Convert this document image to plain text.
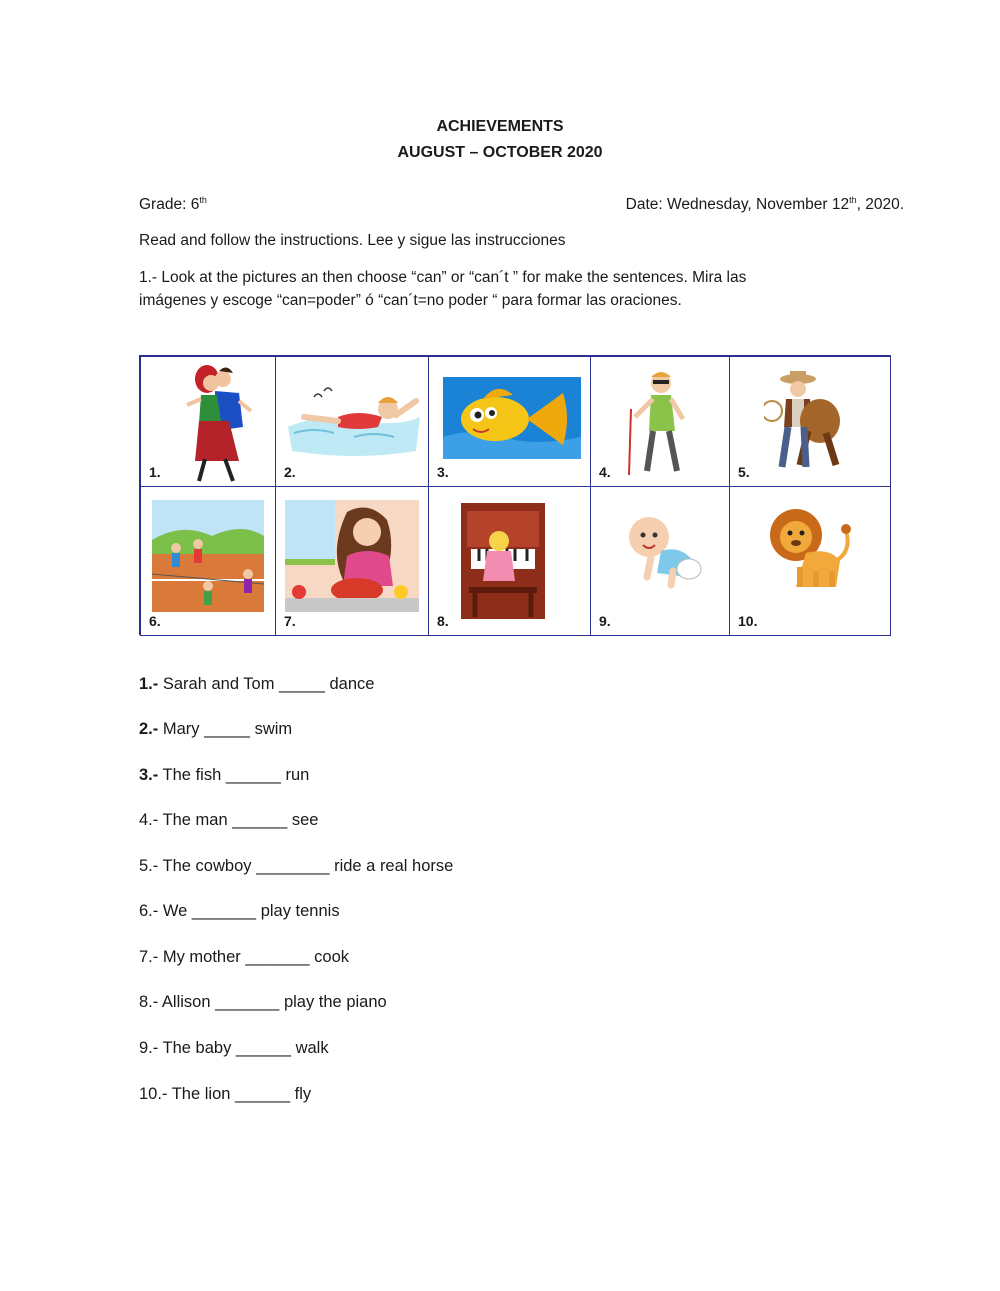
ACHIEVEMENTS
AUGUST – OCTOBER 2020
Grade: 6th	Date: Wednesday, November 12th, 2020.
Read and follow the instructions. Lee y sigue las instrucciones
1.- Look at the pictures an then choose “can” or “can´t ” for make the sentences. Mira las
imágenes y escoge “can=poder” ó “can´t=no poder “ para formar las oraciones.
1.	2.	3.	4.	5.
6.	7.	8.	9.	10.
1.- Sarah and Tom _____ dance
2.- Mary _____ swim
3.- The fish ______ run
4.- The man ______ see
5.- The cowboy ________ ride a real horse
6.- We _______ play tennis
7.- My mother _______ cook
8.- Allison _______ play the piano
9.- The baby ______ walk
10.- The lion ______ fly
